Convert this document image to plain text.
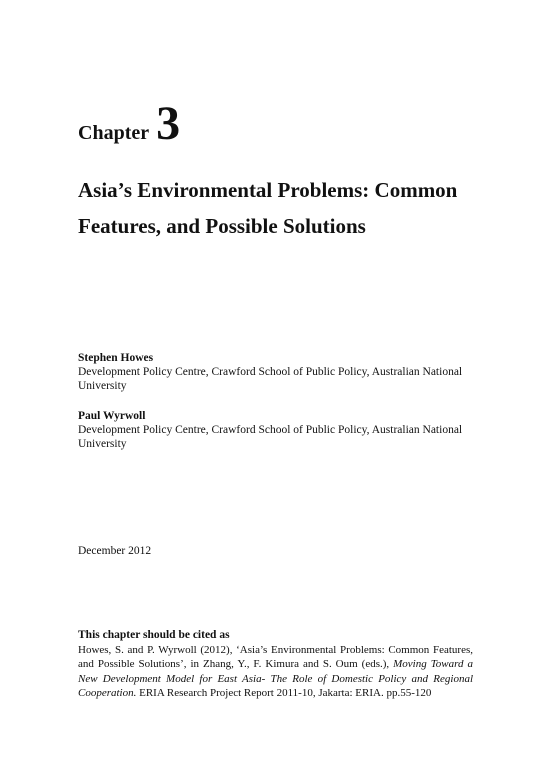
Chapter 3
Asia’s Environmental Problems: Common Features, and Possible Solutions
Stephen Howes
Development Policy Centre, Crawford School of Public Policy, Australian National University
Paul Wyrwoll
Development Policy Centre, Crawford School of Public Policy, Australian National University
December 2012
This chapter should be cited as
Howes, S. and P. Wyrwoll (2012), ‘Asia’s Environmental Problems: Common Features, and Possible Solutions’, in Zhang, Y., F. Kimura and S. Oum (eds.), Moving Toward a New Development Model for East Asia- The Role of Domestic Policy and Regional Cooperation. ERIA Research Project Report 2011-10, Jakarta: ERIA. pp.55-120
